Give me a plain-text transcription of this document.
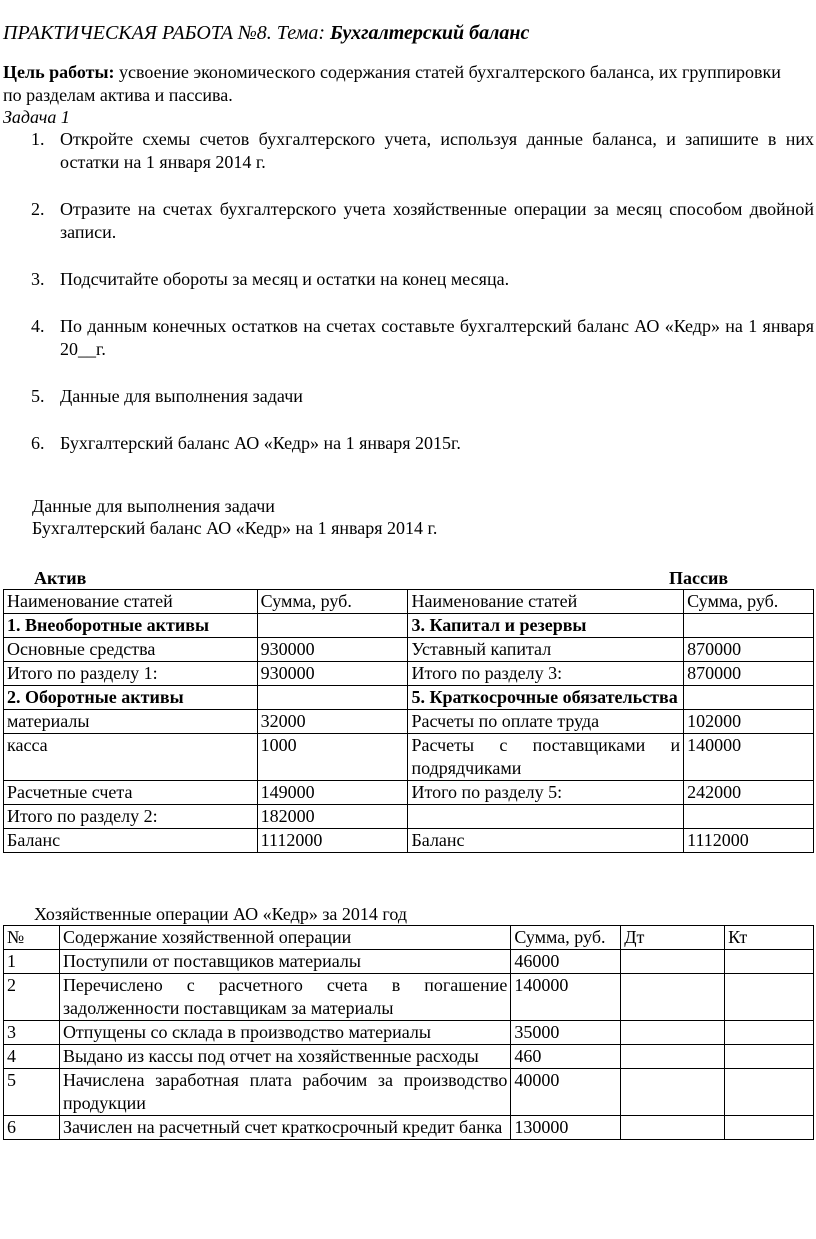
ПРАКТИЧЕСКАЯ РАБОТА №8. Тема: Бухгалтерский баланс
Цель работы: усвоение экономического содержания статей бухгалтерского баланса, их группировки по разделам актива и пассива.
Задача 1
1. Откройте схемы счетов бухгалтерского учета, используя данные баланса, и запишите в них остатки на 1 января 2014 г.
2. Отразите на счетах бухгалтерского учета хозяйственные операции за месяц способом двойной записи.
3. Подсчитайте обороты за месяц и остатки на конец месяца.
4. По данным конечных остатков на счетах составьте бухгалтерский баланс АО «Кедр» на 1 января 20__г.
5. Данные для выполнения задачи
6. Бухгалтерский баланс АО «Кедр» на 1 января 2015г.
Данные для выполнения задачи
Бухгалтерский баланс АО «Кедр» на 1 января 2014 г.
Актив	Пассив
Наименование статей	Сумма, руб.	Наименование статей	Сумма, руб.
1. Внеоборотные активы		3. Капитал и резервы	
Основные средства	930000	Уставный капитал	870000
Итого по разделу 1:	930000	Итого по разделу 3:	870000
2. Оборотные активы		5. Краткосрочные обязательства	
материалы	32000	Расчеты по оплате труда	102000
касса	1000	Расчеты с поставщиками и подрядчиками	140000
Расчетные счета	149000	Итого по разделу 5:	242000
Итого по разделу 2:	182000		
Баланс	1112000	Баланс	1112000
Хозяйственные операции АО «Кедр» за 2014 год
№	Содержание хозяйственной операции	Сумма, руб.	Дт	Кт
1	Поступили от поставщиков материалы	46000		
2	Перечислено с расчетного счета в погашение задолженности поставщикам за материалы	140000		
3	Отпущены со склада в производство материалы	35000		
4	Выдано из кассы под отчет на хозяйственные расходы	460		
5	Начислена заработная плата рабочим за производство продукции	40000		
6	Зачислен на расчетный счет краткосрочный кредит банка	130000		
